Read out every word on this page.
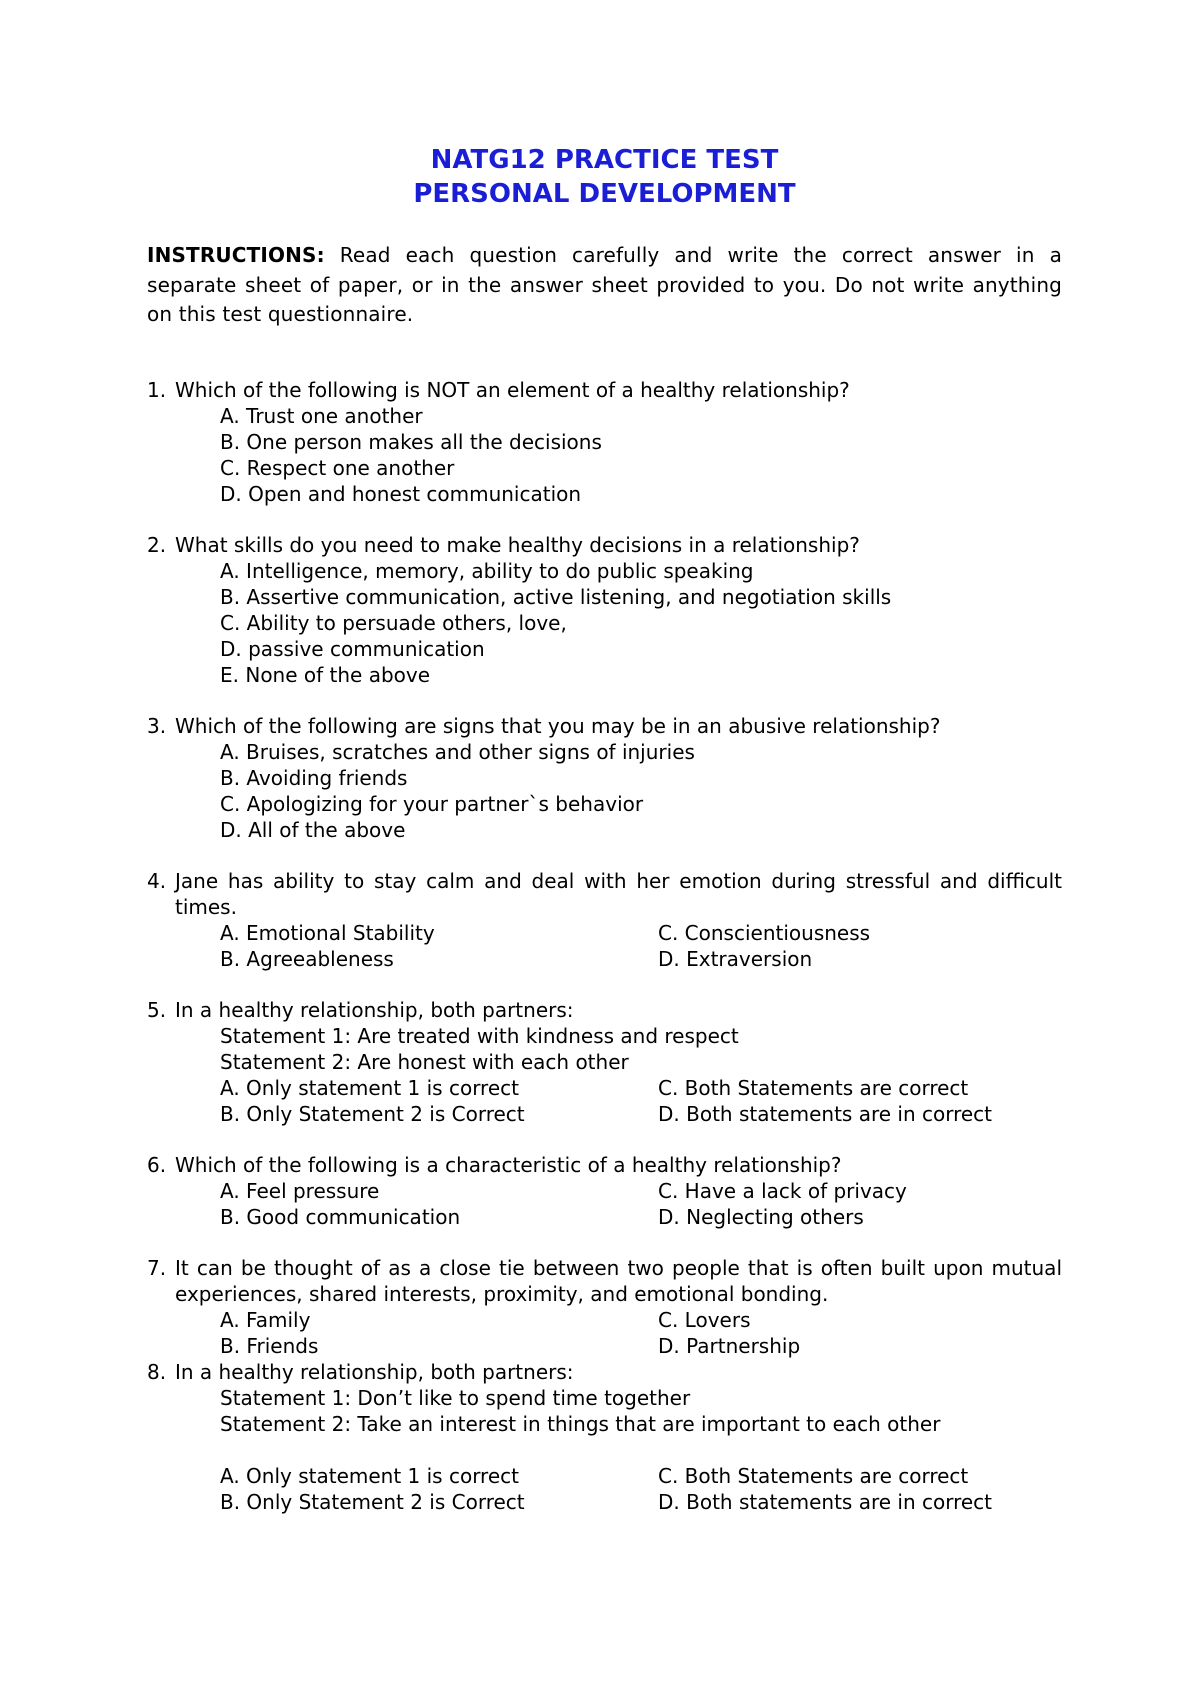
NATG12 PRACTICE TEST
PERSONAL DEVELOPMENT

INSTRUCTIONS: Read each question carefully and write the correct answer in a separate sheet of paper, or in the answer sheet provided to you. Do not write anything on this test questionnaire.

1. Which of the following is NOT an element of a healthy relationship?
A. Trust one another
B. One person makes all the decisions
C. Respect one another
D. Open and honest communication
2. What skills do you need to make healthy decisions in a relationship?
A. Intelligence, memory, ability to do public speaking
B. Assertive communication, active listening, and negotiation skills
C. Ability to persuade others, love,
D. passive communication
E. None of the above
3. Which of the following are signs that you may be in an abusive relationship?
A. Bruises, scratches and other signs of injuries
B. Avoiding friends
C. Apologizing for your partner`s behavior
D. All of the above
4. Jane has ability to stay calm and deal with her emotion during stressful and difficult times.
A. Emotional Stability	C. Conscientiousness
B. Agreeableness	D. Extraversion
5. In a healthy relationship, both partners:
Statement 1: Are treated with kindness and respect
Statement 2: Are honest with each other
A. Only statement 1 is correct	C. Both Statements are correct
B. Only Statement 2 is Correct	D. Both statements are in correct
6. Which of the following is a characteristic of a healthy relationship?
A. Feel pressure	C. Have a lack of privacy
B. Good communication	D. Neglecting others
7. It can be thought of as a close tie between two people that is often built upon mutual experiences, shared interests, proximity, and emotional bonding.
A. Family	C. Lovers
B. Friends	D. Partnership
8. In a healthy relationship, both partners:
Statement 1: Don’t like to spend time together
Statement 2: Take an interest in things that are important to each other
A. Only statement 1 is correct	C. Both Statements are correct
B. Only Statement 2 is Correct	D. Both statements are in correct
